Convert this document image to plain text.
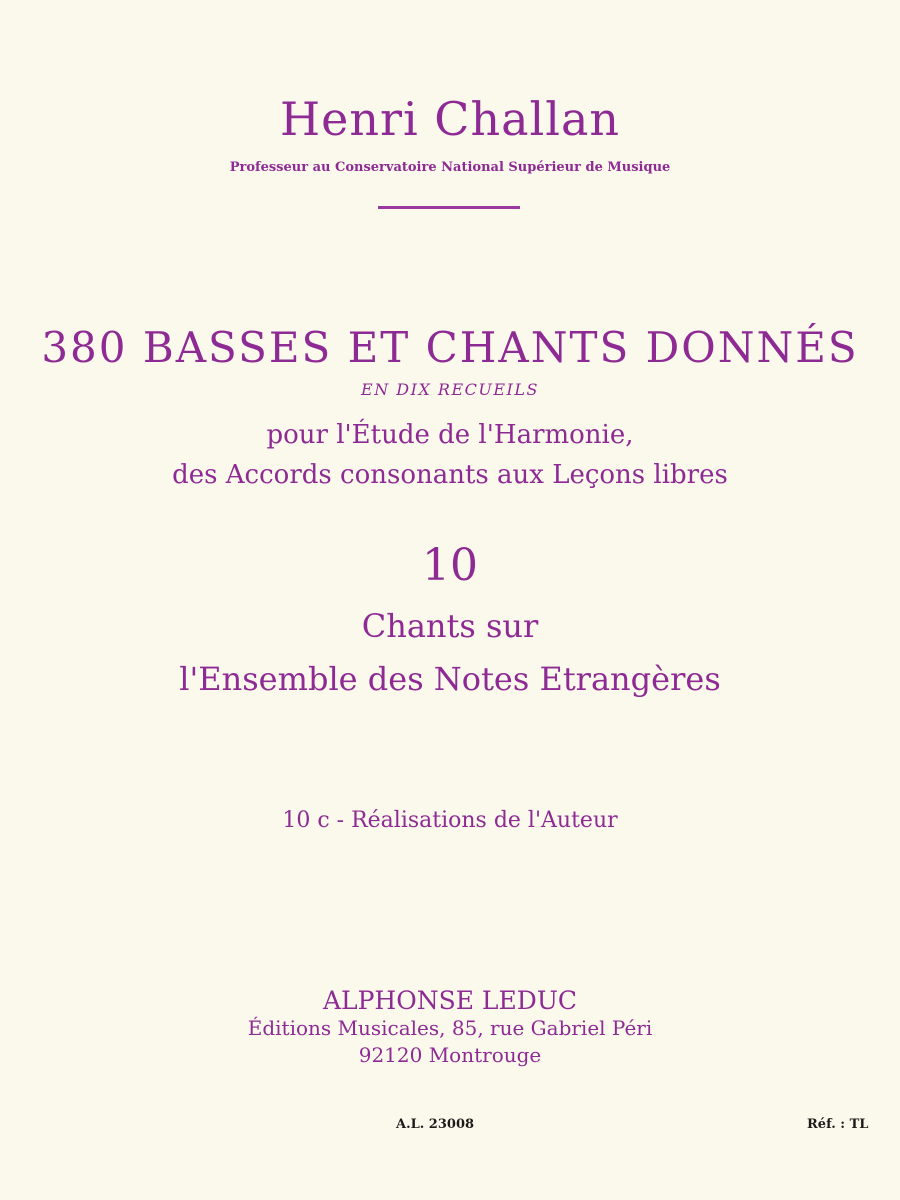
Henri Challan
Professeur au Conservatoire National Supérieur de Musique
380 BASSES ET CHANTS DONNÉS
EN DIX RECUEILS
pour l'Étude de l'Harmonie,
des Accords consonants aux Leçons libres
10
Chants sur
l'Ensemble des Notes Etrangères
10 c - Réalisations de l'Auteur
ALPHONSE LEDUC
Éditions Musicales, 85, rue Gabriel Péri
92120 Montrouge
A.L. 23008	Réf. : TL
